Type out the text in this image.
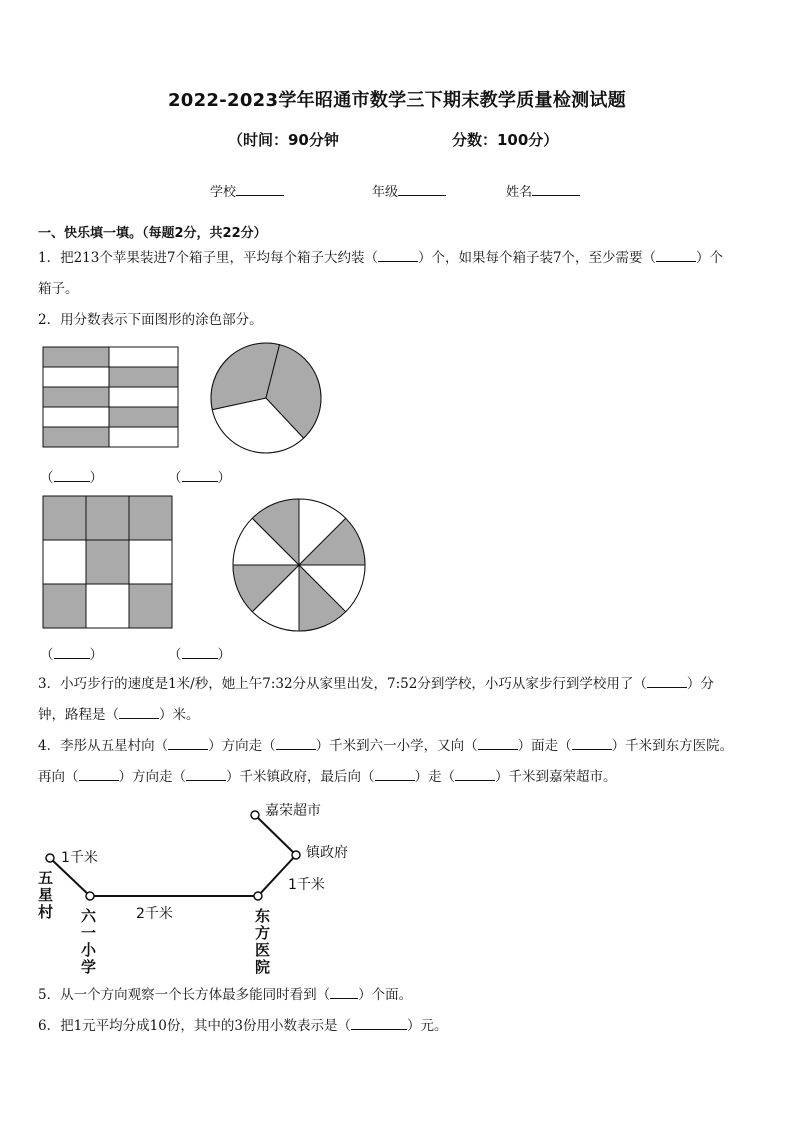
2022-2023学年昭通市数学三下期末教学质量检测试题
（时间：90分钟	分数：100分）
学校	年级	姓名
一、快乐填一填。（每题2分，共22分）
1．把213个苹果装进7个箱子里，平均每个箱子大约装（	）个，如果每个箱子装7个，至少需要（	）个
箱子。
2．用分数表示下面图形的涂色部分。
（	）	（	）
（	）	（	）
3．小巧步行的速度是1米/秒，她上午7:32分从家里出发，7:52分到学校，小巧从家步行到学校用了（	）分
钟，路程是（	）米。
4．李彤从五星村向（	）方向走（	）千米到六一小学，又向（	）面走（	）千米到东方医院。
再向（	）方向走（	）千米镇政府，最后向（	）走（	）千米到嘉荣超市。
嘉荣超市
镇政府
1千米
1千米
2千米
五星村 六一小学
东方医院
5．从一个方向观察一个长方体最多能同时看到（ ）个面。
6．把1元平均分成10份，其中的3份用小数表示是（	）元。
